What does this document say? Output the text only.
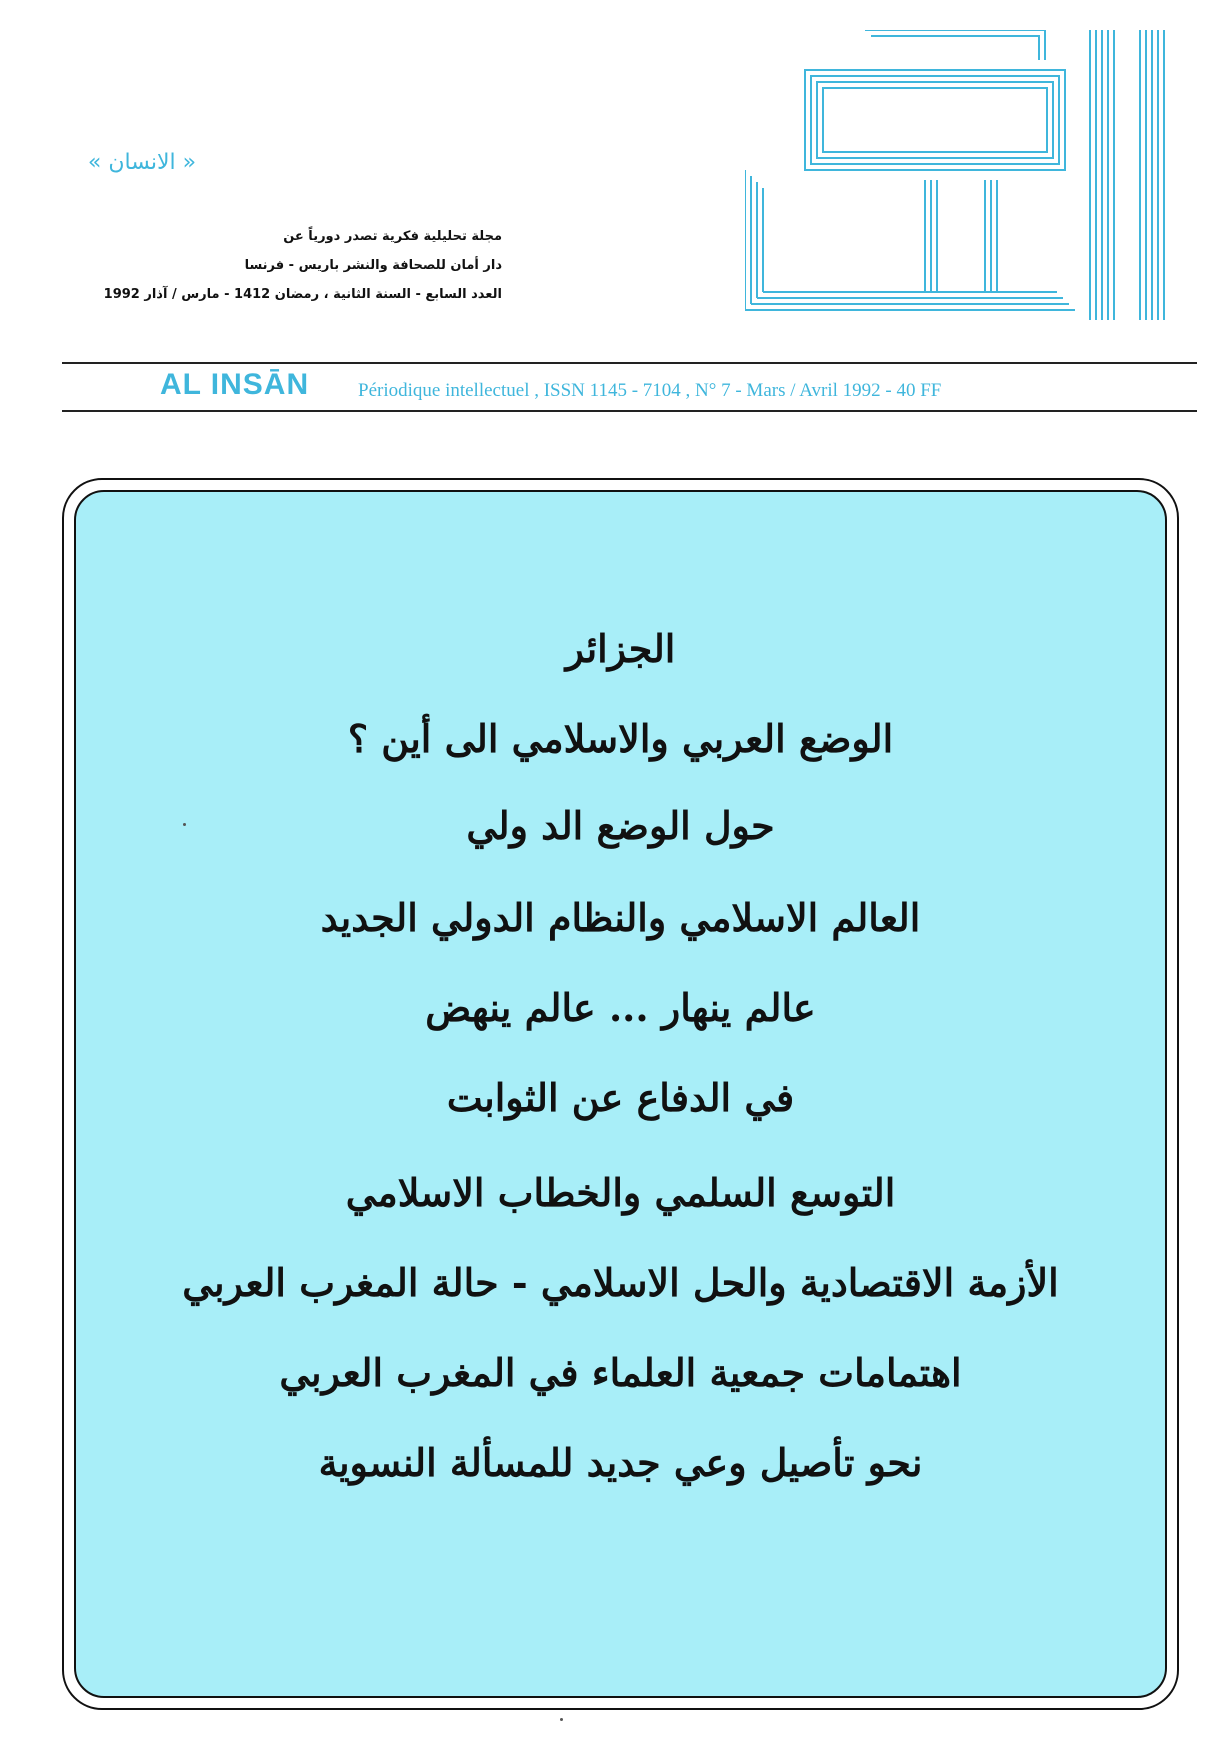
« الانسان »
مجلة تحليلية فكرية تصدر دورياً عن
دار أمان للصحافة والنشر باريس - فرنسا
العدد السابع - السنة الثانية ، رمضان 1412 - مارس / آذار 1992
AL INSĀN	Périodique intellectuel , ISSN 1145 - 7104 , N° 7 - Mars / Avril 1992 - 40 FF
الجزائر
الوضع العربي والاسلامي الى أين ؟
حول الوضع الد ولي
العالم الاسلامي والنظام الدولي الجديد
عالم ينهار ... عالم ينهض
في الدفاع عن الثوابت
التوسع السلمي والخطاب الاسلامي
الأزمة الاقتصادية والحل الاسلامي - حالة المغرب العربي
اهتمامات جمعية العلماء في المغرب العربي
نحو تأصيل وعي جديد للمسألة النسوية
